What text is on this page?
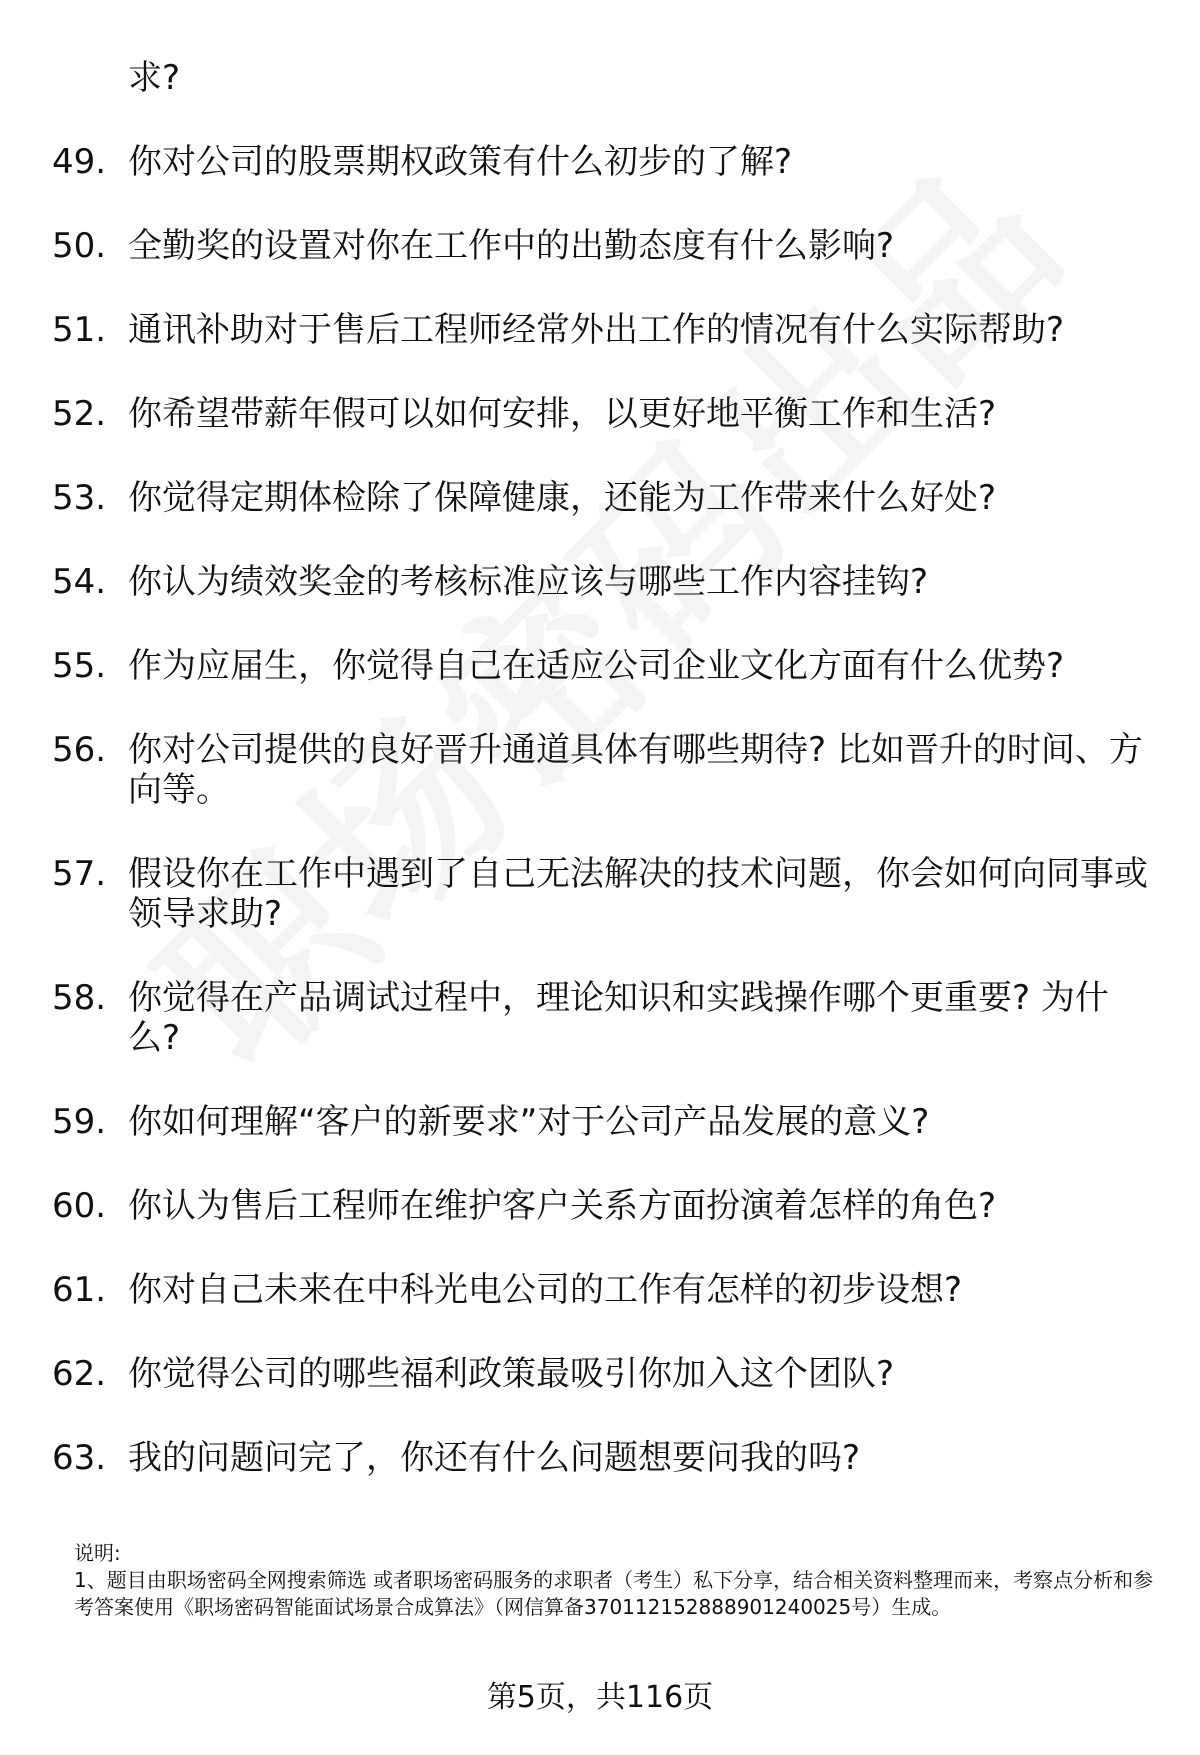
求?
49. 你对公司的股票期权政策有什么初步的了解?
50. 全勤奖的设置对你在工作中的出勤态度有什么影响?
51. 通讯补助对于售后工程师经常外出工作的情况有什么实际帮助?
52. 你希望带薪年假可以如何安排，以更好地平衡工作和生活?
53. 你觉得定期体检除了保障健康，还能为工作带来什么好处?
54. 你认为绩效奖金的考核标准应该与哪些工作内容挂钩?
55. 作为应届生，你觉得自己在适应公司企业文化方面有什么优势?
56. 你对公司提供的良好晋升通道具体有哪些期待? 比如晋升的时间、方向等。
57. 假设你在工作中遇到了自己无法解决的技术问题，你会如何向同事或领导求助?
58. 你觉得在产品调试过程中，理论知识和实践操作哪个更重要? 为什么?
59. 你如何理解“客户的新要求”对于公司产品发展的意义?
60. 你认为售后工程师在维护客户关系方面扮演着怎样的角色?
61. 你对自己未来在中科光电公司的工作有怎样的初步设想?
62. 你觉得公司的哪些福利政策最吸引你加入这个团队?
63. 我的问题问完了，你还有什么问题想要问我的吗?

说明:

1、题目由职场密码全网搜索筛选 或者职场密码服务的求职者（考生）私下分享，结合相关资料整理而来，考察点分析和参考答案使用《职场密码智能面试场景合成算法》（网信算备370112152888901240025号）生成。

第5页，共116页
